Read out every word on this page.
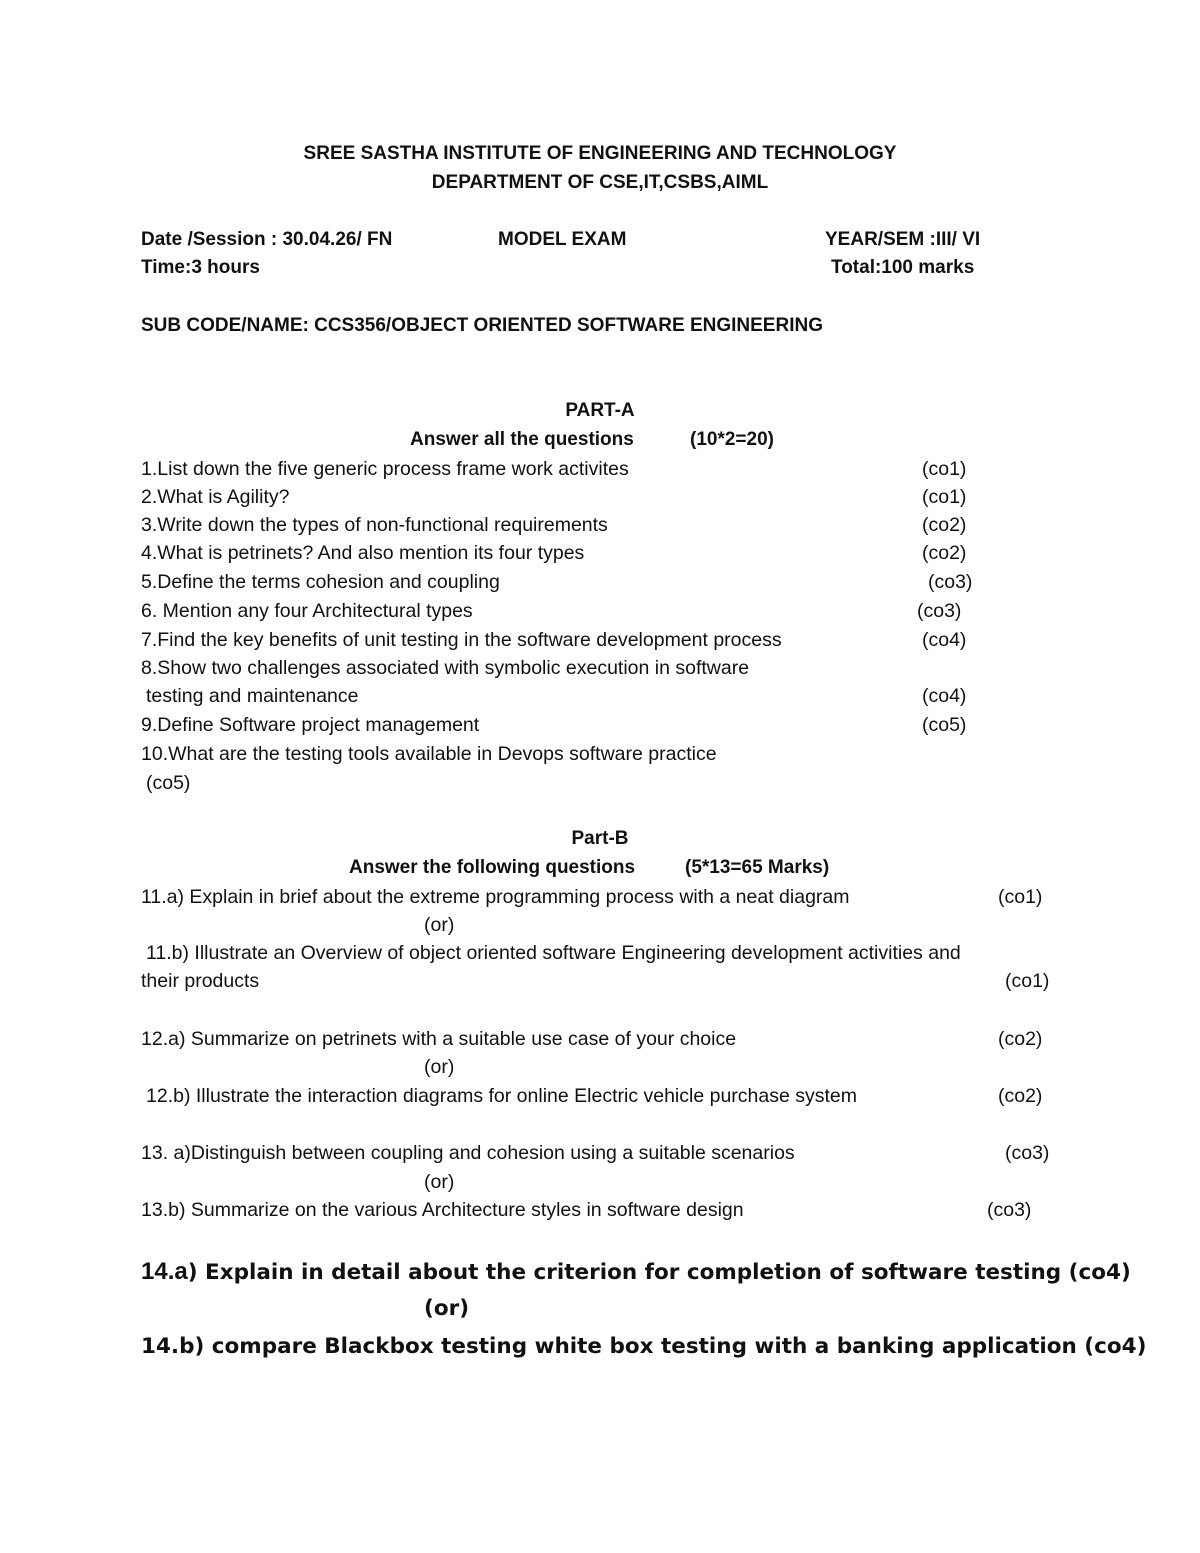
SREE SASTHA INSTITUTE OF ENGINEERING AND TECHNOLOGY
DEPARTMENT OF CSE,IT,CSBS,AIML
Date /Session : 30.04.26/ FN	MODEL EXAM	YEAR/SEM :III/ VI
Time:3 hours	Total:100 marks
SUB CODE/NAME: CCS356/OBJECT ORIENTED SOFTWARE ENGINEERING
PART-A
Answer all the questions	(10*2=20)
1.List down the five generic process frame work activites	(co1)
2.What is Agility?	(co1)
3.Write down the types of non-functional requirements	(co2)
4.What is petrinets? And also mention its four types	(co2)
5.Define the terms cohesion and coupling	(co3)
6. Mention any four Architectural types	(co3)
7.Find the key benefits of unit testing in the software development process	(co4)
8.Show two challenges associated with symbolic execution in software
testing and maintenance	(co4)
9.Define Software project management	(co5)
10.What are the testing tools available in Devops software practice
(co5)
Part-B
Answer the following questions	(5*13=65 Marks)
11.a) Explain in brief about the extreme programming process with a neat diagram	(co1)
(or)
11.b) Illustrate an Overview of object oriented software Engineering development activities and
their products	(co1)
12.a) Summarize on petrinets with a suitable use case of your choice	(co2)
(or)
12.b) Illustrate the interaction diagrams for online Electric vehicle purchase system	(co2)
13. a)Distinguish between coupling and cohesion using a suitable scenarios	(co3)
(or)
13.b) Summarize on the various Architecture styles in software design	(co3)
14.a) Explain in detail about the criterion for completion of software testing (co4)
(or)
14.b) compare Blackbox testing white box testing with a banking application (co4)
